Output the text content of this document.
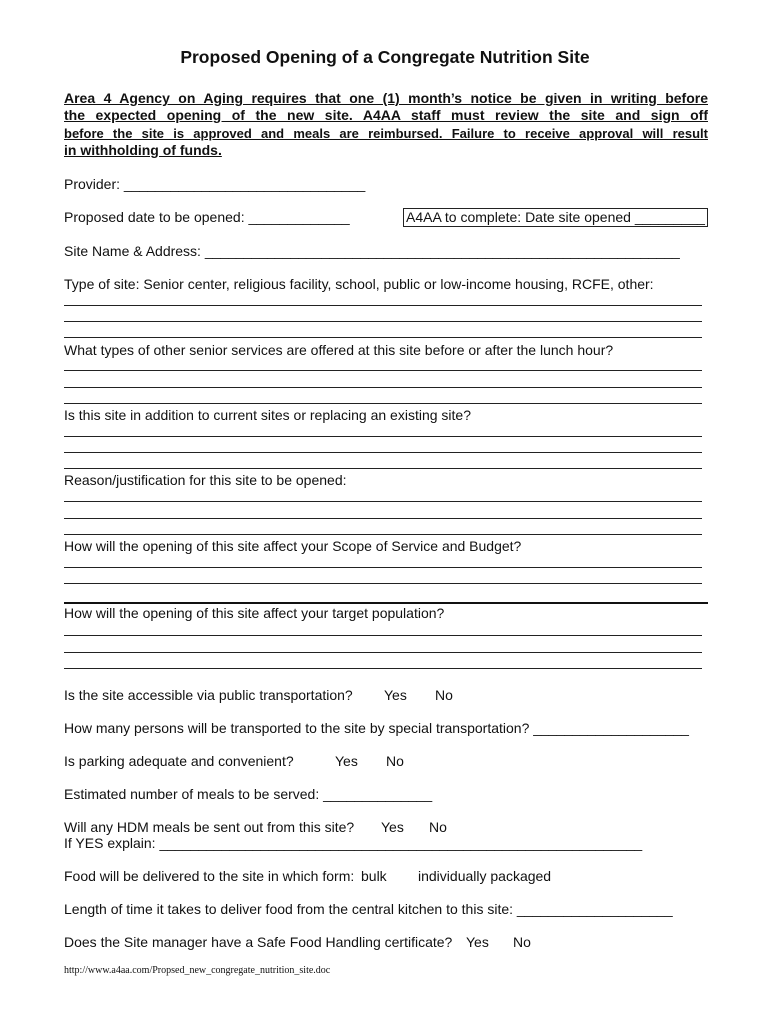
Proposed Opening of a Congregate Nutrition Site
Area 4 Agency on Aging requires that one (1) month’s notice be given in writing before
the expected opening of the new site. A4AA staff must review the site and sign off
before the site is approved and meals are reimbursed. Failure to receive approval will result
in withholding of funds.
Provider: _______________________________
Proposed date to be opened: _____________	A4AA to complete: Date site opened _________
Site Name & Address: _____________________________________________________________
Type of site: Senior center, religious facility, school, public or low-income housing, RCFE, other:
What types of other senior services are offered at this site before or after the lunch hour?
Is this site in addition to current sites or replacing an existing site?
Reason/justification for this site to be opened:
How will the opening of this site affect your Scope of Service and Budget?
How will the opening of this site affect your target population?
Is the site accessible via public transportation? Yes No
How many persons will be transported to the site by special transportation? ____________________
Is parking adequate and convenient?	Yes No
Estimated number of meals to be served: ______________
Will any HDM meals be sent out from this site? Yes No
If YES explain: ______________________________________________________________
Food will be delivered to the site in which form: bulk individually packaged
Length of time it takes to deliver food from the central kitchen to this site: ____________________
Does the Site manager have a Safe Food Handling certificate? Yes No
http://www.a4aa.com/Propsed_new_congregate_nutrition_site.doc
